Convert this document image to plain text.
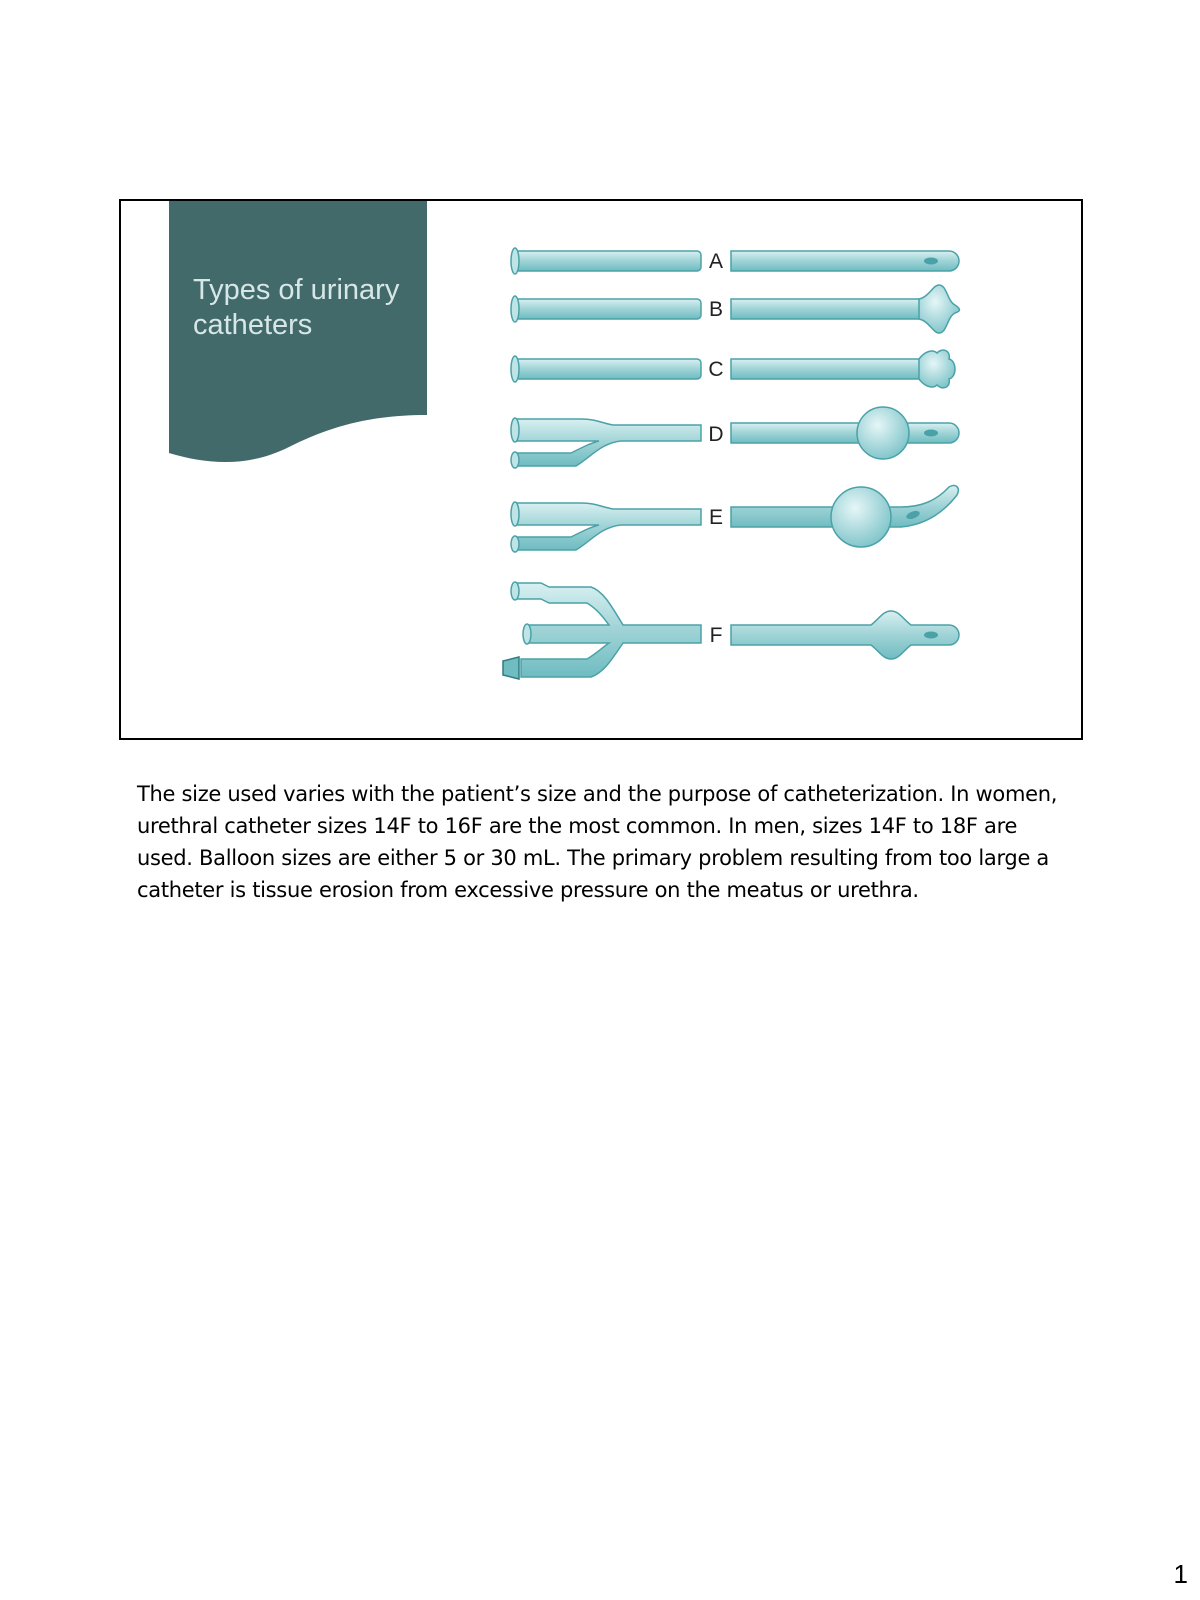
Types of urinary catheters
A
B
C
D
E
F
The size used varies with the patient’s size and the purpose of catheterization. In women, urethral catheter sizes 14F to 16F are the most common. In men, sizes 14F to 18F are used. Balloon sizes are either 5 or 30 mL. The primary problem resulting from too large a catheter is tissue erosion from excessive pressure on the meatus or urethra.
1
